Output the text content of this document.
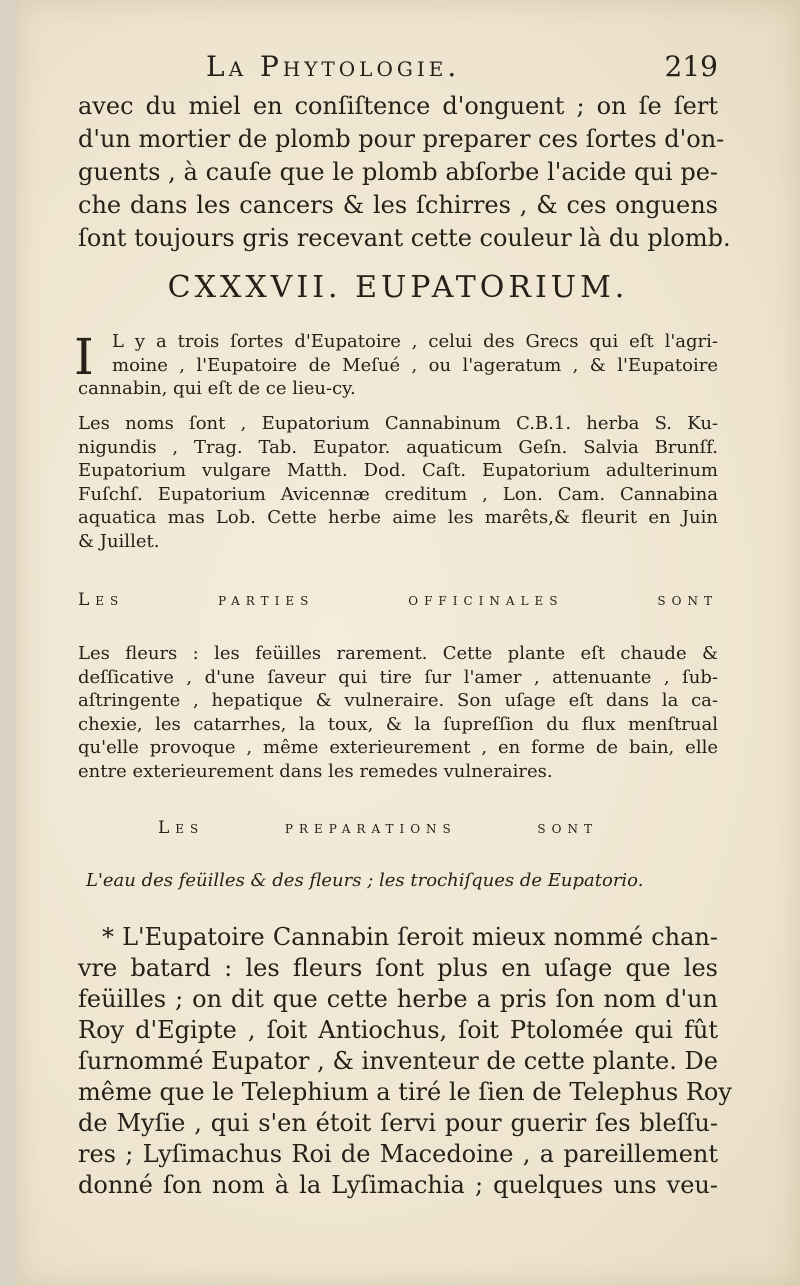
La Phytologie.	219
avec du miel en conſiſtence d'onguent ; on ſe ſert
d'un mortier de plomb pour preparer ces ſortes d'on-
guents , à cauſe que le plomb abſorbe l'acide qui pe-
che dans les cancers & les ſchirres , & ces onguens
ſont toujours gris recevant cette couleur là du plomb.
CXXXVII. EUPATORIUM.
I	L y a trois ſortes d'Eupatoire , celui des Grecs qui eſt l'agri-
moine , l'Eupatoire de Meſué , ou l'ageratum , & l'Eupatoire
cannabin, qui eſt de ce lieu-cy.
Les noms ſont , Eupatorium Cannabinum C.B.1. herba S. Ku-
nigundis , Trag. Tab. Eupator. aquaticum Geſn. Salvia Brunſf.
Eupatorium vulgare Matth. Dod. Caſt. Eupatorium adulterinum
Fuſchſ. Eupatorium Avicennæ creditum , Lon. Cam. Cannabina
aquatica mas Lob. Cette herbe aime les marêts,& fleurit en Juin
& Juillet.
Les parties officinales sont
Les fleurs : les feüilles rarement. Cette plante eſt chaude &
deſſicative , d'une ſaveur qui tire ſur l'amer , attenuante , ſub-
aſtringente , hepatique & vulneraire. Son uſage eſt dans la ca-
chexie, les catarrhes, la toux, & la ſupreſſion du flux menſtrual
qu'elle provoque , même exterieurement , en forme de bain, elle
entre exterieurement dans les remedes vulneraires.
Les preparations sont
L'eau des feüilles & des fleurs ; les trochiſques de Eupatorio.
* L'Eupatoire Cannabin ſeroit mieux nommé chan-
vre batard : les fleurs ſont plus en uſage que les
feüilles ; on dit que cette herbe a pris ſon nom d'un
Roy d'Egipte , ſoit Antiochus, ſoit Ptolomée qui fût
ſurnommé Eupator , & inventeur de cette plante. De
même que le Telephium a tiré le ſien de Telephus Roy
de Myſie , qui s'en étoit ſervi pour guerir ſes bleſſu-
res ; Lyſimachus Roi de Macedoine , a pareillement
donné ſon nom à la Lyſimachia ; quelques uns veu-
